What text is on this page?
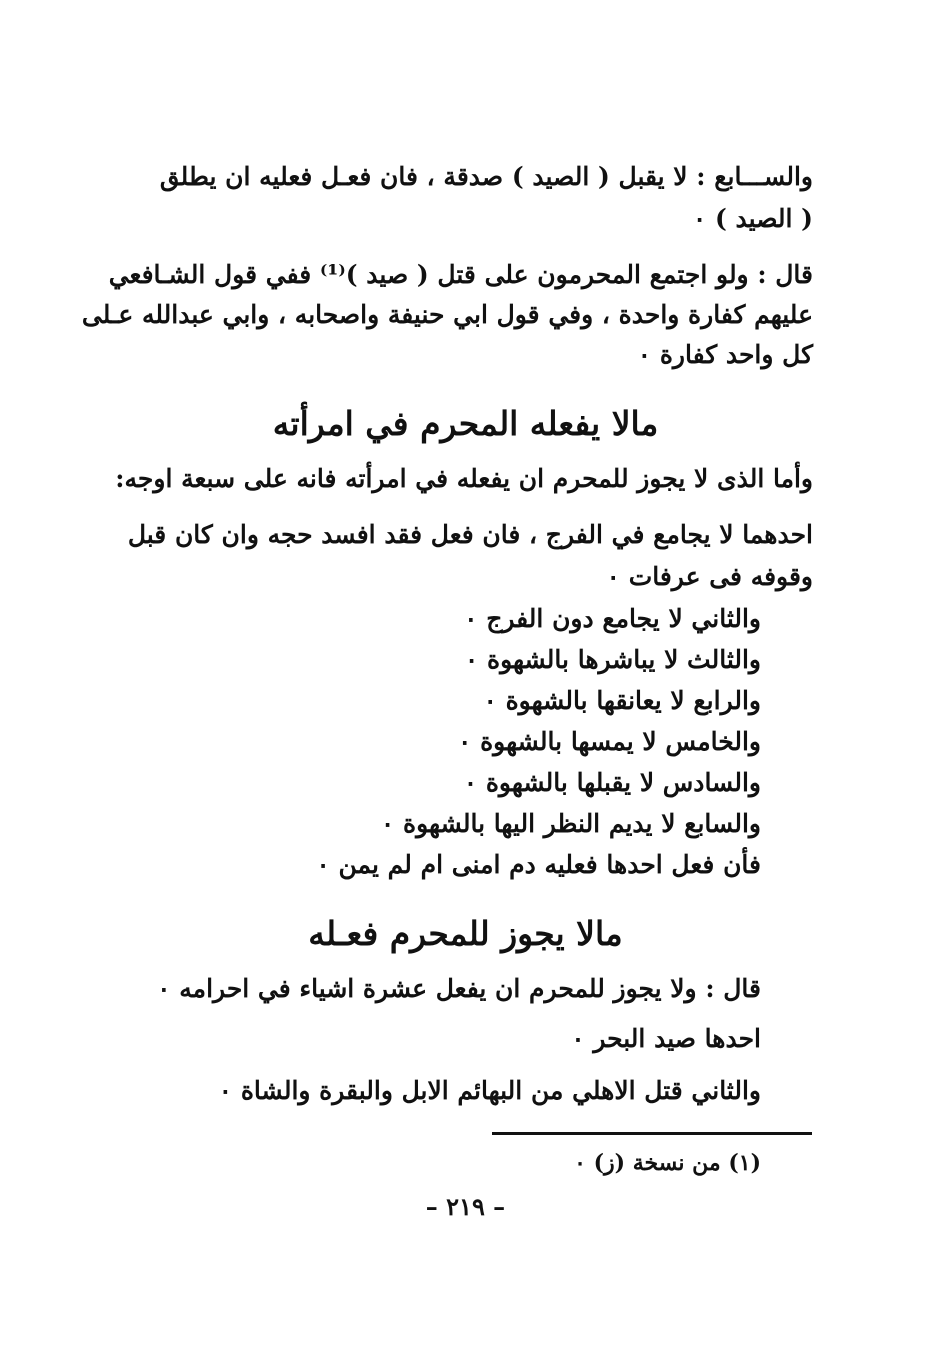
والســـابع : لا يقبل ( الصيد ) صدقة ، فان فعـل فعليه ان يطلق
( الصيد ) ٠
قال : ولو اجتمع المحرمون على قتل ( صيد )⁽¹⁾ ففي قول الشـافعي
عليهم كفارة واحدة ، وفي قول ابي حنيفة واصحابه ، وابي عبدالله عـلى
كل واحد كفارة ٠
مالا يفعله المحرم في امرأته
وأما الذى لا يجوز للمحرم ان يفعله في امرأته فانه على سبعة اوجه:
احدهما لا يجامع في الفرج ، فان فعل فقد افسد حجه وان كان قبل
وقوفه فى عرفات ٠
والثاني لا يجامع دون الفرج ٠
والثالث لا يباشرها بالشهوة ٠
والرابع لا يعانقها بالشهوة ٠
والخامس لا يمسها بالشهوة ٠
والسادس لا يقبلها بالشهوة ٠
والسابع لا يديم النظر اليها بالشهوة ٠
فأن فعل احدها فعليه دم امنى ام لم يمن ٠
مالا يجوز للمحرم فعـله
قال : ولا يجوز للمحرم ان يفعل عشرة اشياء في احرامه ٠
احدها صيد البحر ٠
والثاني قتل الاهلي من البهائم الابل والبقرة والشاة ٠
(١) من نسخة (ز) ٠
– ٢١٩ –
